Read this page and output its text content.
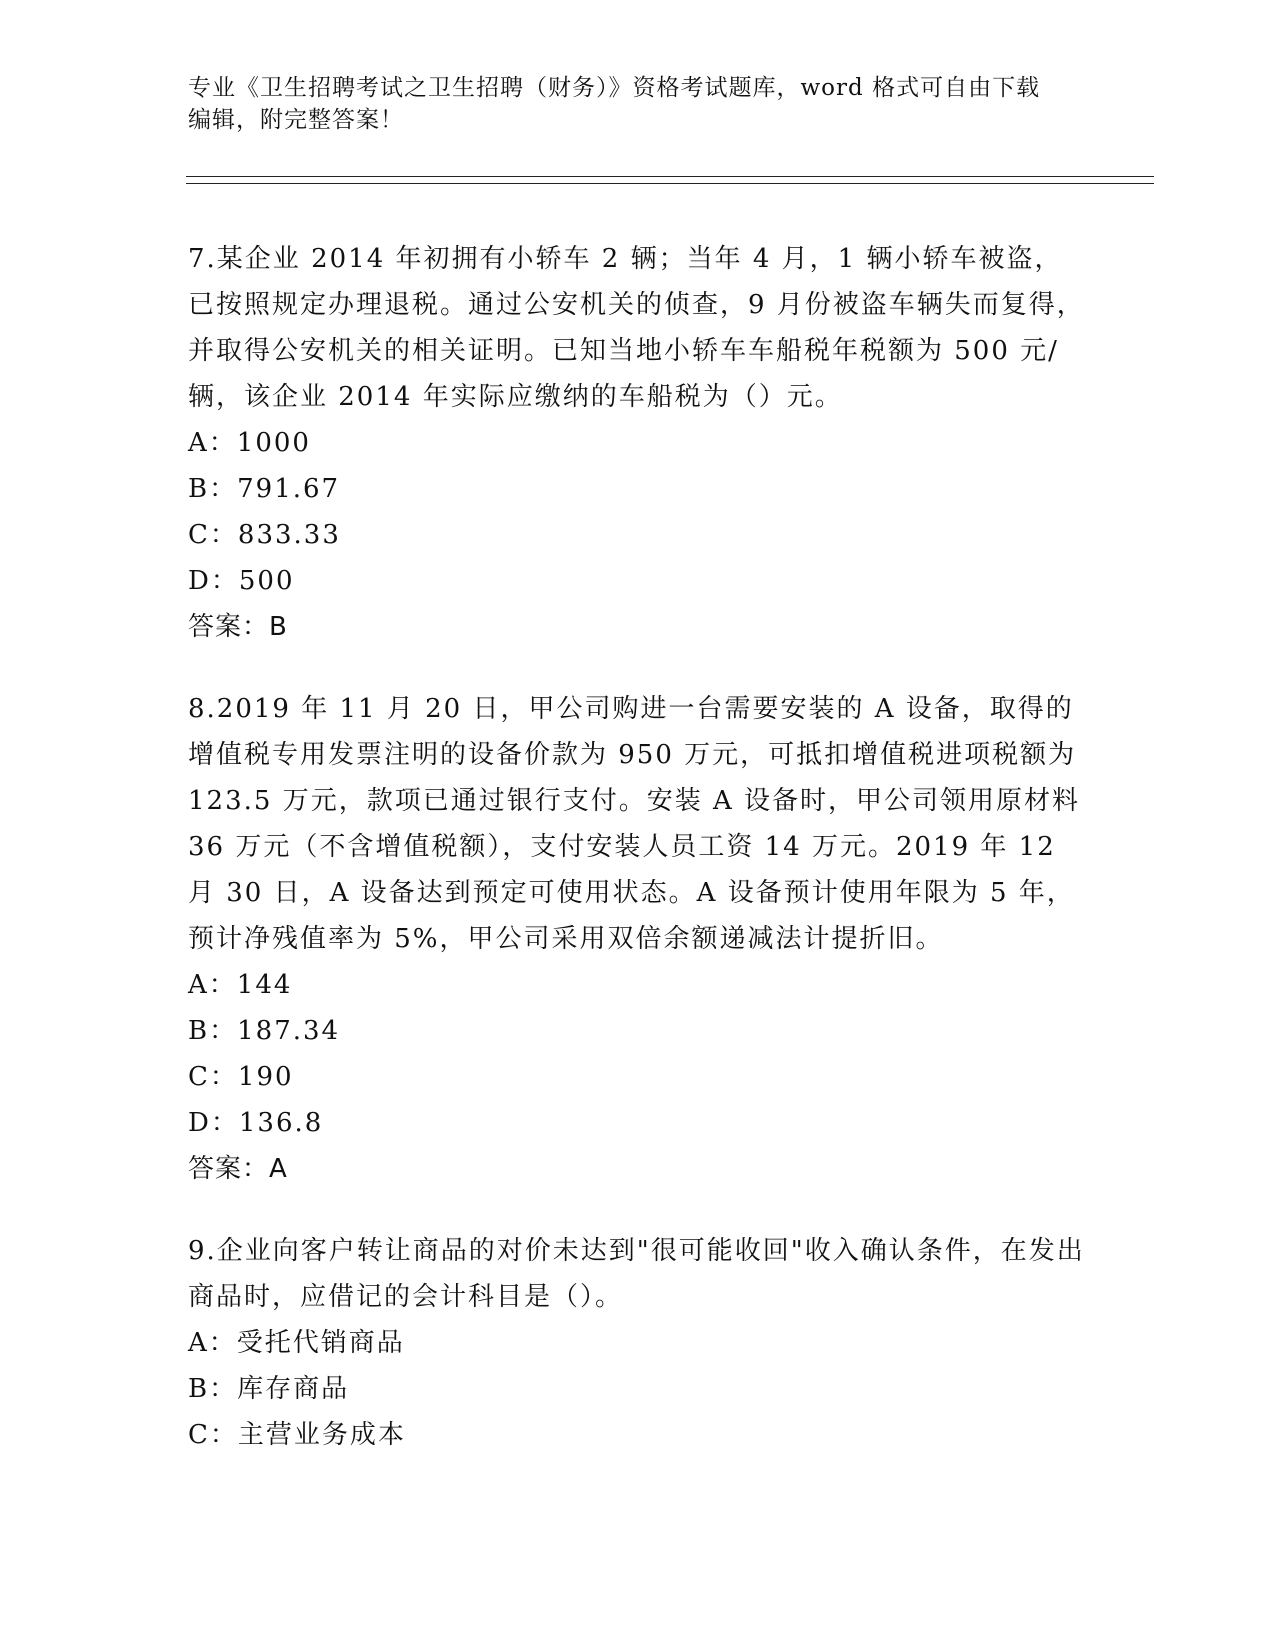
专业《卫生招聘考试之卫生招聘（财务）》资格考试题库，word 格式可自由下载
编辑，附完整答案！

7.某企业 2014 年初拥有小轿车 2 辆；当年 4 月，1 辆小轿车被盗，已按照规定办理退税。通过公安机关的侦查，9 月份被盗车辆失而复得，并取得公安机关的相关证明。已知当地小轿车车船税年税额为 500 元/辆，该企业 2014 年实际应缴纳的车船税为（）元。

A：1000

B：791.67

C：833.33

D：500

答案：B

8.2019 年 11 月 20 日，甲公司购进一台需要安装的 A 设备，取得的增值税专用发票注明的设备价款为 950 万元，可抵扣增值税进项税额为 123.5 万元，款项已通过银行支付。安装 A 设备时，甲公司领用原材料 36 万元（不含增值税额），支付安装人员工资 14 万元。2019 年 12 月 30 日，A 设备达到预定可使用状态。A 设备预计使用年限为 5 年，预计净残值率为 5%，甲公司采用双倍余额递减法计提折旧。

A：144

B：187.34

C：190

D：136.8

答案：A

9.企业向客户转让商品的对价未达到"很可能收回"收入确认条件，在发出商品时，应借记的会计科目是（）。

A：受托代销商品

B：库存商品

C：主营业务成本
